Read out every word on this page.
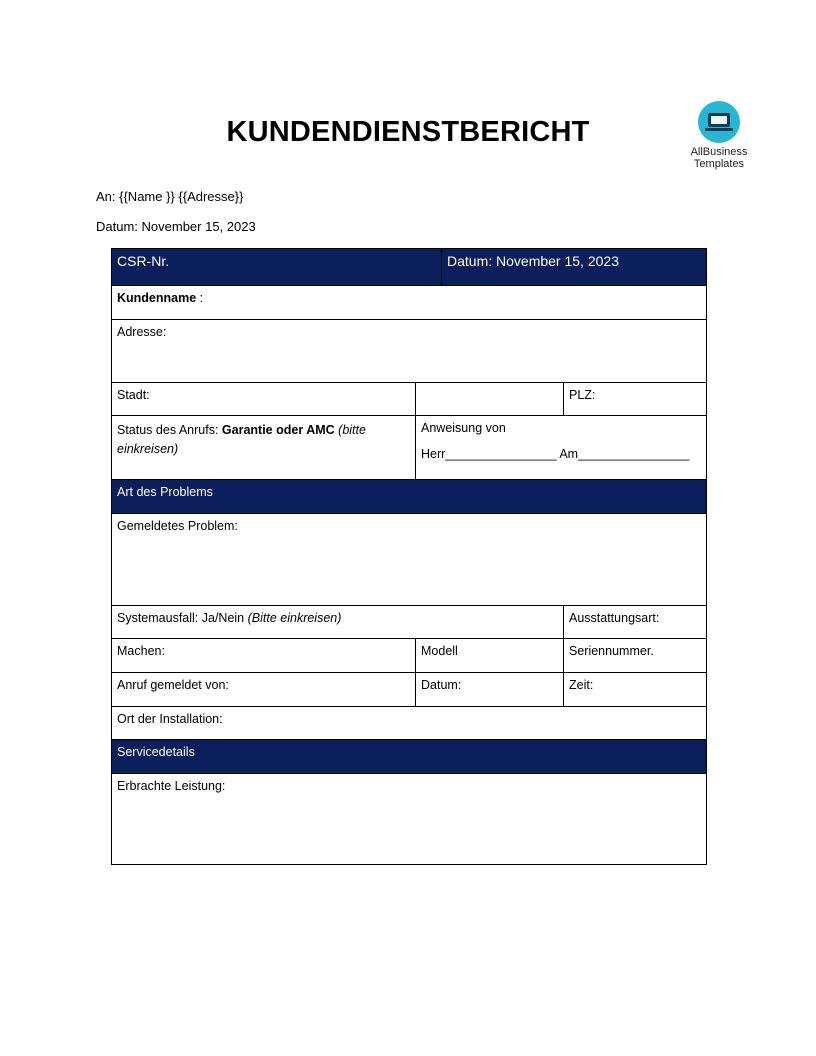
KUNDENDIENSTBERICHT
AllBusiness
Templates
An: {{Name }} {{Adresse}}
Datum: November 15, 2023
CSR-Nr.		Datum: November 15, 2023	
Kundenname :			
Adresse:			
Stadt:			PLZ:
Status des Anrufs: Garantie oder AMC (bitte einkreisen)	Anweisung von
Herr________________ Am________________		

Art des Problems			
Gemeldetes Problem:			
Systemausfall: Ja/Nein (Bitte einkreisen)			Ausstattungsart:
Machen:	Modell		Seriennummer.
Anruf gemeldet von:	Datum:		Zeit:
Ort der Installation:			
Servicedetails			
Erbrachte Leistung:			
